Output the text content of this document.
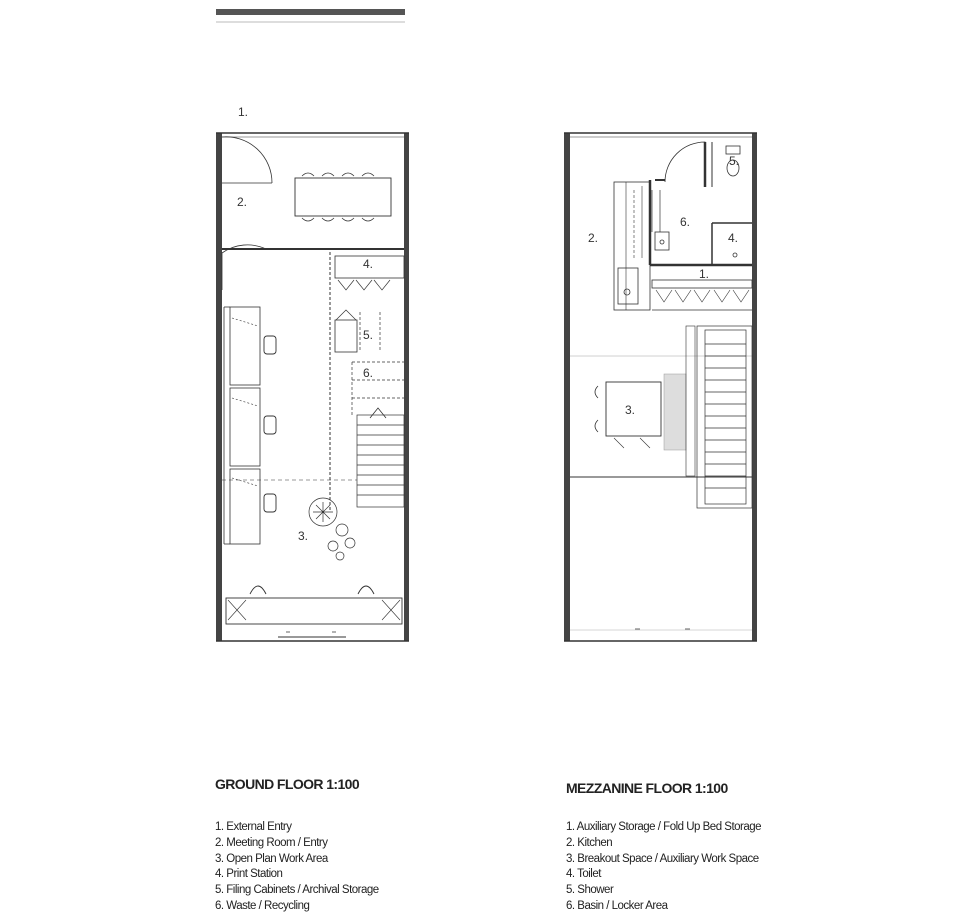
1.
2.
3.
4.
5.
6.
1.
2.
3.
4.
5.
6.
GROUND FLOOR 1:100
1. External Entry
2. Meeting Room / Entry
3. Open Plan Work Area
4. Print Station
5. Filing Cabinets / Archival Storage
6. Waste / Recycling
MEZZANINE FLOOR 1:100
1. Auxiliary Storage / Fold Up Bed Storage
2. Kitchen
3. Breakout Space / Auxiliary Work Space
4. Toilet
5. Shower
6. Basin / Locker Area
